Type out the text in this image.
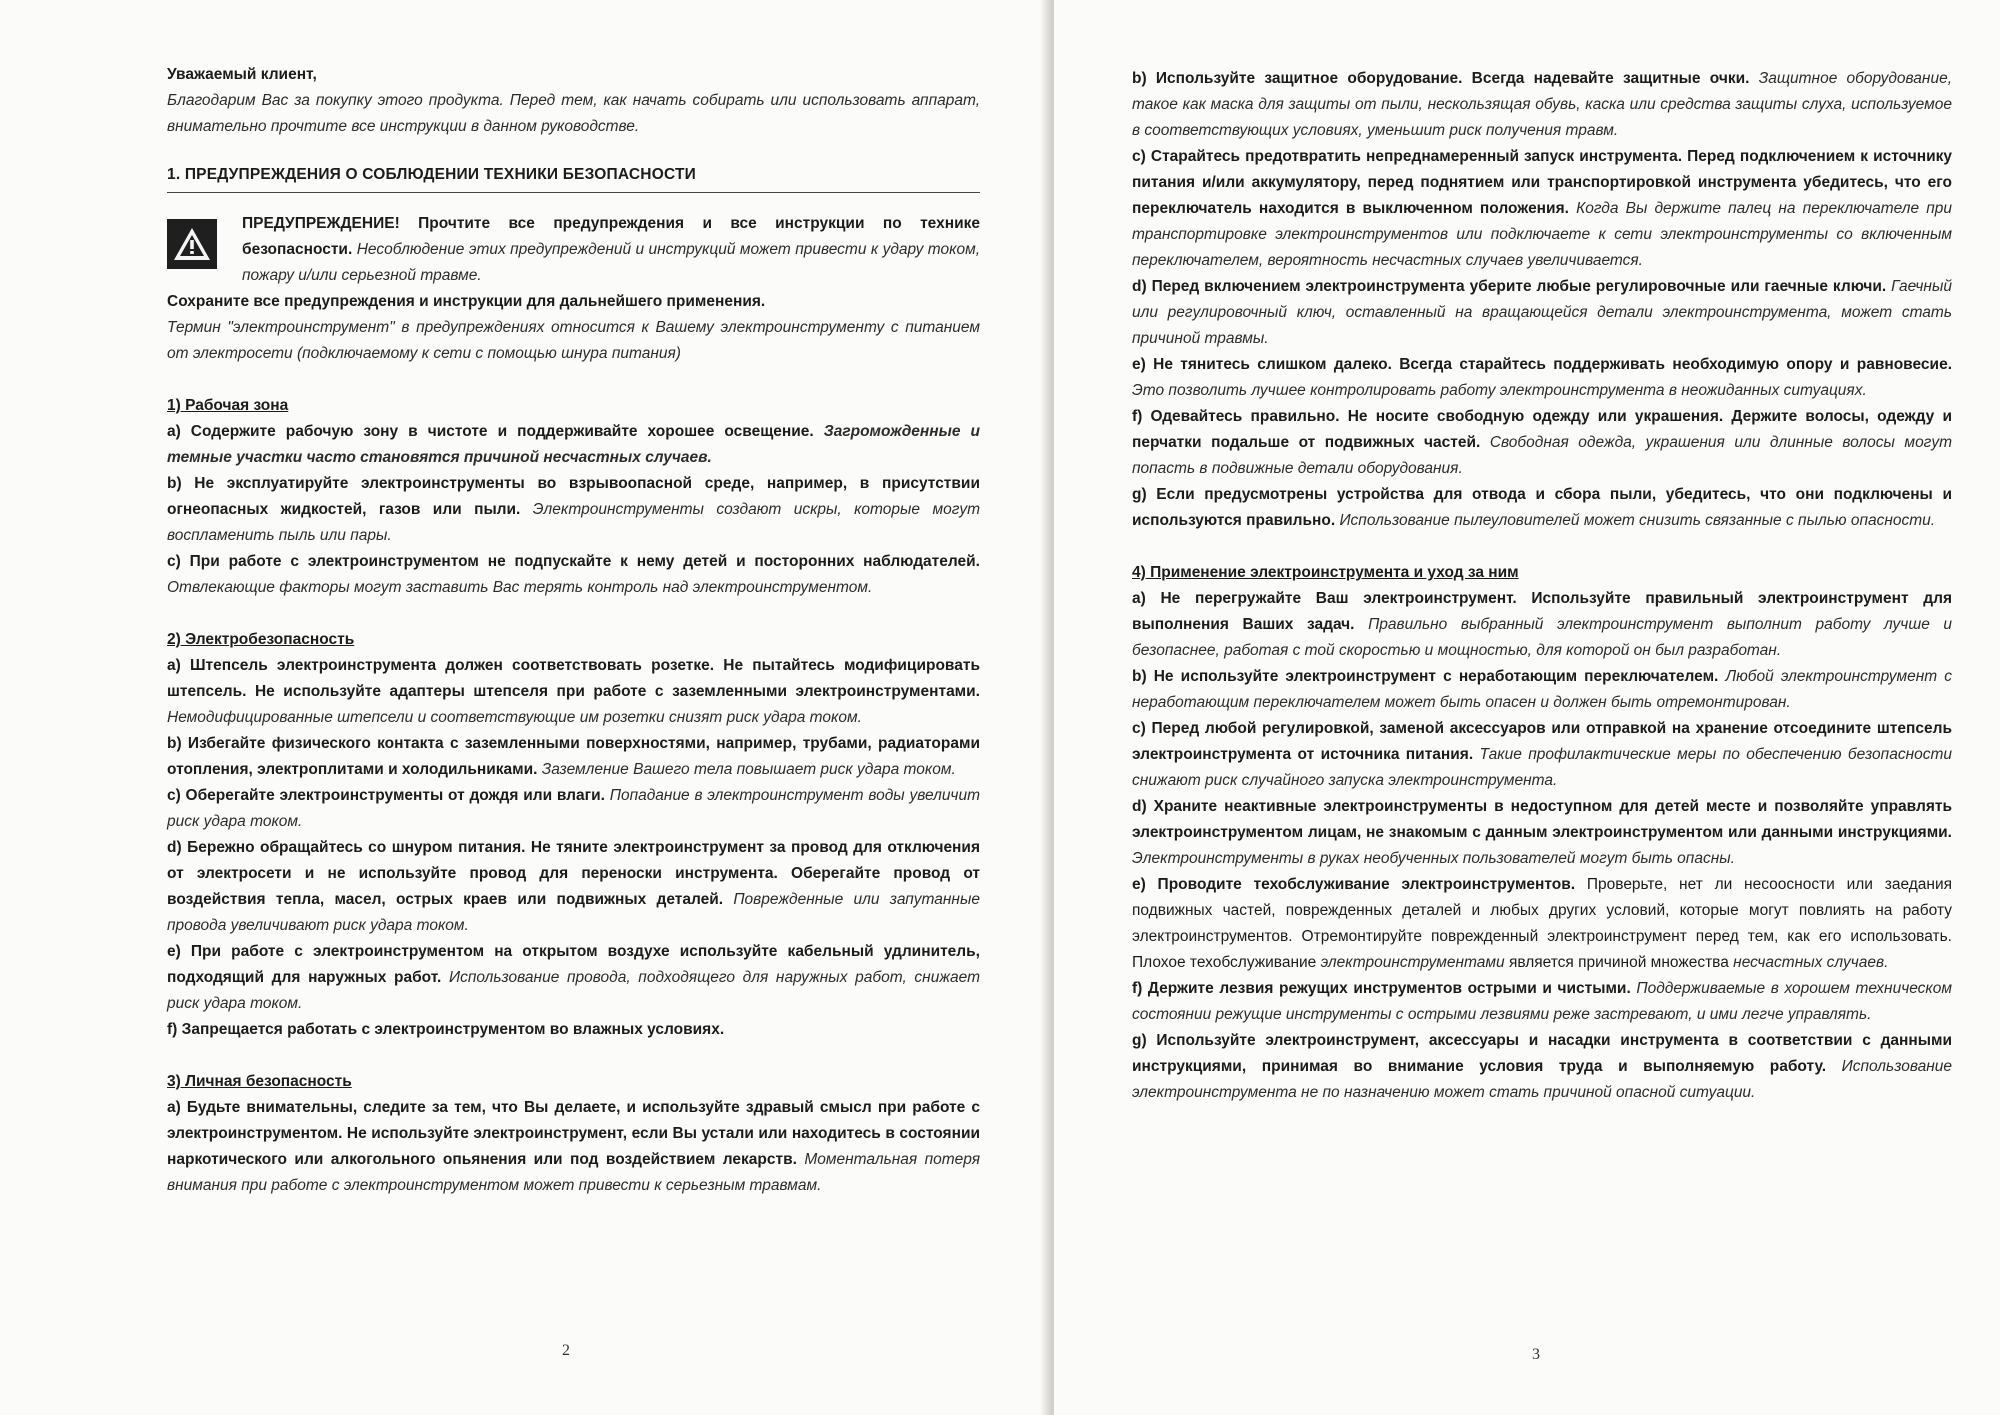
Уважаемый клиент,

Благодарим Вас за покупку этого продукта. Перед тем, как начать собирать или использовать аппарат, внимательно прочтите все инструкции в данном руководстве.

1. ПРЕДУПРЕЖДЕНИЯ О СОБЛЮДЕНИИ ТЕХНИКИ БЕЗОПАСНОСТИ

ПРЕДУПРЕЖДЕНИЕ! Прочтите все предупреждения и все инструкции по технике безопасности. Несоблюдение этих предупреждений и инструкций может привести к удару током, пожару и/или серьезной травме.

Сохраните все предупреждения и инструкции для дальнейшего применения.

Термин "электроинструмент" в предупреждениях относится к Вашему электроинструменту с питанием от электросети (подключаемому к сети с помощью шнура питания)

1) Рабочая зона

a) Содержите рабочую зону в чистоте и поддерживайте хорошее освещение. Загроможденные и темные участки часто становятся причиной несчастных случаев.

b) Не эксплуатируйте электроинструменты во взрывоопасной среде, например, в присутствии огнеопасных жидкостей, газов или пыли. Электроинструменты создают искры, которые могут воспламенить пыль или пары.

c) При работе с электроинструментом не подпускайте к нему детей и посторонних наблюдателей. Отвлекающие факторы могут заставить Вас терять контроль над электроинструментом.

2) Электробезопасность

a) Штепсель электроинструмента должен соответствовать розетке. Не пытайтесь модифицировать штепсель. Не используйте адаптеры штепселя при работе с заземленными электроинструментами. Немодифицированные штепсели и соответствующие им розетки снизят риск удара током.

b) Избегайте физического контакта с заземленными поверхностями, например, трубами, радиаторами отопления, электроплитами и холодильниками. Заземление Вашего тела повышает риск удара током.

c) Оберегайте электроинструменты от дождя или влаги. Попадание в электроинструмент воды увеличит риск удара током.

d) Бережно обращайтесь со шнуром питания. Не тяните электроинструмент за провод для отключения от электросети и не используйте провод для переноски инструмента. Оберегайте провод от воздействия тепла, масел, острых краев или подвижных деталей. Поврежденные или запутанные провода увеличивают риск удара током.

e) При работе с электроинструментом на открытом воздухе используйте кабельный удлинитель, подходящий для наружных работ. Использование провода, подходящего для наружных работ, снижает риск удара током.

f) Запрещается работать с электроинструментом во влажных условиях.

3) Личная безопасность

a) Будьте внимательны, следите за тем, что Вы делаете, и используйте здравый смысл при работе с электроинструментом. Не используйте электроинструмент, если Вы устали или находитесь в состоянии наркотического или алкогольного опьянения или под воздействием лекарств. Моментальная потеря внимания при работе с электроинструментом может привести к серьезным травмам.

2

b) Используйте защитное оборудование. Всегда надевайте защитные очки. Защитное оборудование, такое как маска для защиты от пыли, нескользящая обувь, каска или средства защиты слуха, используемое в соответствующих условиях, уменьшит риск получения травм.

c) Старайтесь предотвратить непреднамеренный запуск инструмента. Перед подключением к источнику питания и/или аккумулятору, перед поднятием или транспортировкой инструмента убедитесь, что его переключатель находится в выключенном положения. Когда Вы держите палец на переключателе при транспортировке электроинструментов или подключаете к сети электроинструменты со включенным переключателем, вероятность несчастных случаев увеличивается.

d) Перед включением электроинструмента уберите любые регулировочные или гаечные ключи. Гаечный или регулировочный ключ, оставленный на вращающейся детали электроинструмента, может стать причиной травмы.

e) Не тянитесь слишком далеко. Всегда старайтесь поддерживать необходимую опору и равновесие. Это позволить лучшее контролировать работу электроинструмента в неожиданных ситуациях.

f) Одевайтесь правильно. Не носите свободную одежду или украшения. Держите волосы, одежду и перчатки подальше от подвижных частей. Свободная одежда, украшения или длинные волосы могут попасть в подвижные детали оборудования.

g) Если предусмотрены устройства для отвода и сбора пыли, убедитесь, что они подключены и используются правильно. Использование пылеуловителей может снизить связанные с пылью опасности.

4) Применение электроинструмента и уход за ним

a) Не перегружайте Ваш электроинструмент. Используйте правильный электроинструмент для выполнения Ваших задач. Правильно выбранный электроинструмент выполнит работу лучше и безопаснее, работая с той скоростью и мощностью, для которой он был разработан.

b) Не используйте электроинструмент с неработающим переключателем. Любой электроинструмент с неработающим переключателем может быть опасен и должен быть отремонтирован.

c) Перед любой регулировкой, заменой аксессуаров или отправкой на хранение отсоедините штепсель электроинструмента от источника питания. Такие профилактические меры по обеспечению безопасности снижают риск случайного запуска электроинструмента.

d) Храните неактивные электроинструменты в недоступном для детей месте и позволяйте управлять электроинструментом лицам, не знакомым с данным электроинструментом или данными инструкциями. Электроинструменты в руках необученных пользователей могут быть опасны.

e) Проводите техобслуживание электроинструментов. Проверьте, нет ли несоосности или заедания подвижных частей, поврежденных деталей и любых других условий, которые могут повлиять на работу электроинструментов. Отремонтируйте поврежденный электроинструмент перед тем, как его использовать. Плохое техобслуживание электроинструментами является причиной множества несчастных случаев.

f) Держите лезвия режущих инструментов острыми и чистыми. Поддерживаемые в хорошем техническом состоянии режущие инструменты с острыми лезвиями реже застревают, и ими легче управлять.

g) Используйте электроинструмент, аксессуары и насадки инструмента в соответствии с данными инструкциями, принимая во внимание условия труда и выполняемую работу. Использование электроинструмента не по назначению может стать причиной опасной ситуации.

3
